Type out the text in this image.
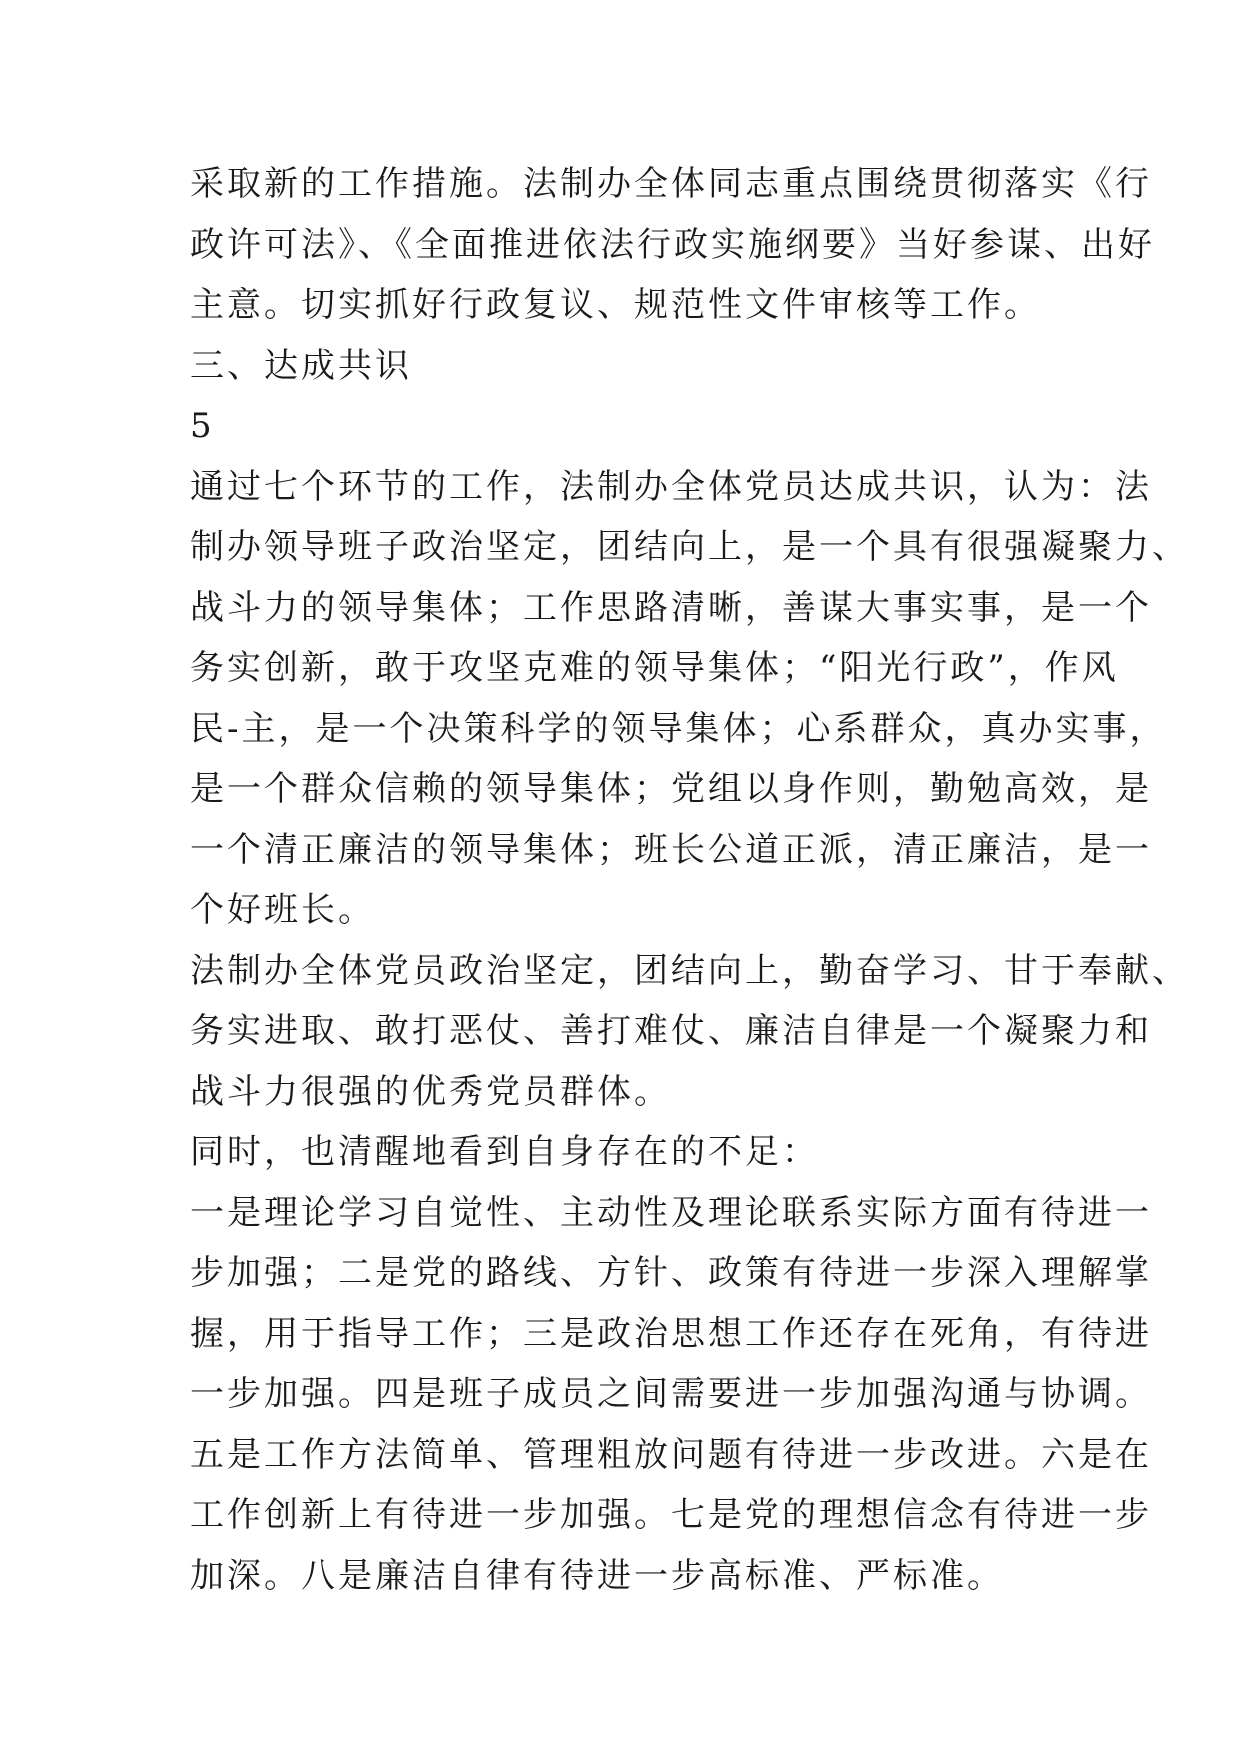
采取新的工作措施。法制办全体同志重点围绕贯彻落实《行

政许可法》、《全面推进依法行政实施纲要》当好参谋、出好

主意。切实抓好行政复议、规范性文件审核等工作。

三、达成共识

5

通过七个环节的工作，法制办全体党员达成共识，认为：法

制办领导班子政治坚定，团结向上，是一个具有很强凝聚力、

战斗力的领导集体；工作思路清晰，善谋大事实事，是一个

务实创新，敢于攻坚克难的领导集体；“阳光行政”，作风

民-主，是一个决策科学的领导集体；心系群众，真办实事，

是一个群众信赖的领导集体；党组以身作则，勤勉高效，是

一个清正廉洁的领导集体；班长公道正派，清正廉洁，是一

个好班长。

法制办全体党员政治坚定，团结向上，勤奋学习、甘于奉献、

务实进取、敢打恶仗、善打难仗、廉洁自律是一个凝聚力和

战斗力很强的优秀党员群体。

同时，也清醒地看到自身存在的不足：

一是理论学习自觉性、主动性及理论联系实际方面有待进一

步加强；二是党的路线、方针、政策有待进一步深入理解掌

握，用于指导工作；三是政治思想工作还存在死角，有待进

一步加强。四是班子成员之间需要进一步加强沟通与协调。

五是工作方法简单、管理粗放问题有待进一步改进。六是在

工作创新上有待进一步加强。七是党的理想信念有待进一步

加深。八是廉洁自律有待进一步高标准、严标准。
